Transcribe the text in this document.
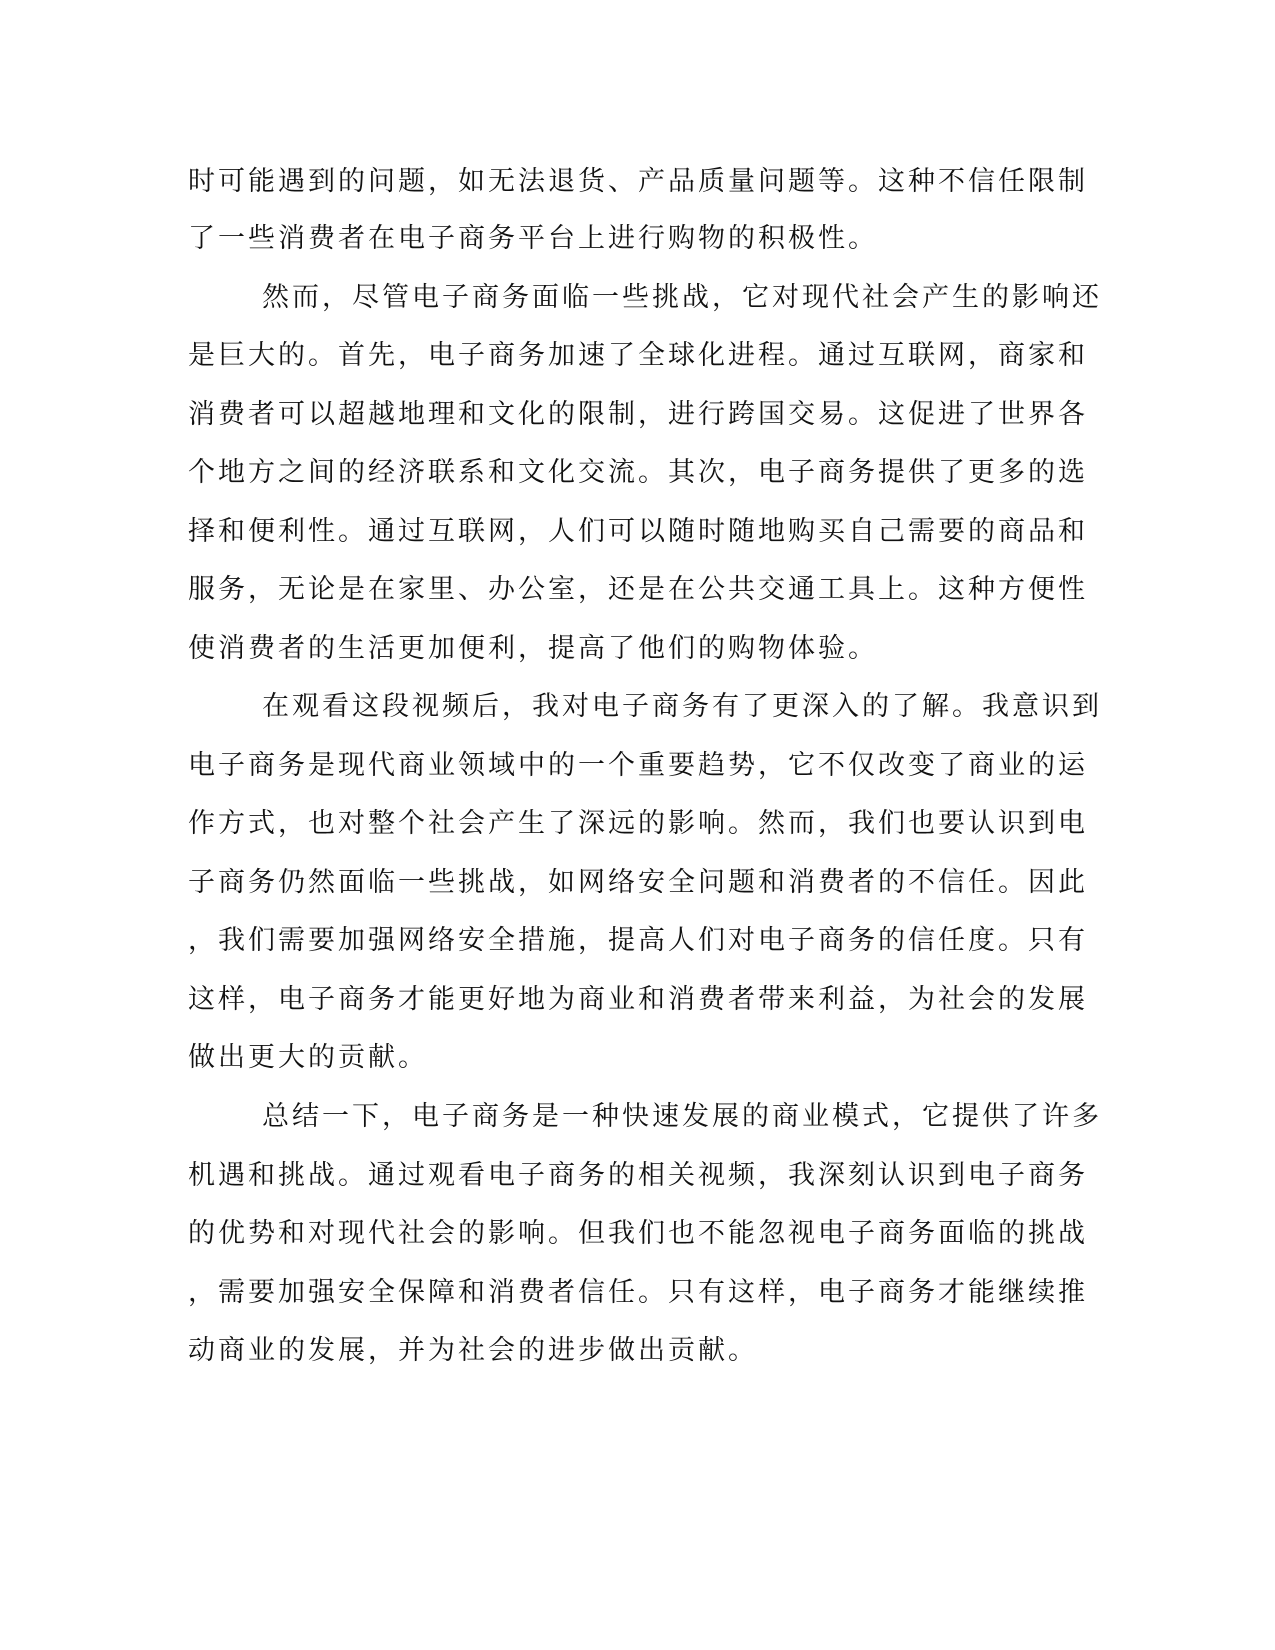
时可能遇到的问题，如无法退货、产品质量问题等。这种不信任限制

了一些消费者在电子商务平台上进行购物的积极性。

然而，尽管电子商务面临一些挑战，它对现代社会产生的影响还

是巨大的。首先，电子商务加速了全球化进程。通过互联网，商家和

消费者可以超越地理和文化的限制，进行跨国交易。这促进了世界各

个地方之间的经济联系和文化交流。其次，电子商务提供了更多的选

择和便利性。通过互联网，人们可以随时随地购买自己需要的商品和

服务，无论是在家里、办公室，还是在公共交通工具上。这种方便性

使消费者的生活更加便利，提高了他们的购物体验。

在观看这段视频后，我对电子商务有了更深入的了解。我意识到

电子商务是现代商业领域中的一个重要趋势，它不仅改变了商业的运

作方式，也对整个社会产生了深远的影响。然而，我们也要认识到电

子商务仍然面临一些挑战，如网络安全问题和消费者的不信任。因此

，我们需要加强网络安全措施，提高人们对电子商务的信任度。只有

这样，电子商务才能更好地为商业和消费者带来利益，为社会的发展

做出更大的贡献。

总结一下，电子商务是一种快速发展的商业模式，它提供了许多

机遇和挑战。通过观看电子商务的相关视频，我深刻认识到电子商务

的优势和对现代社会的影响。但我们也不能忽视电子商务面临的挑战

，需要加强安全保障和消费者信任。只有这样，电子商务才能继续推

动商业的发展，并为社会的进步做出贡献。
